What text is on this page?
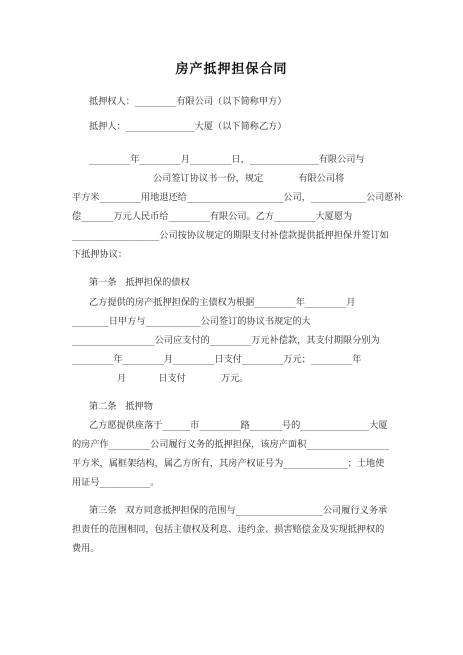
房产抵押担保合同
抵押权人：_________有限公司（以下简称甲方）
抵押人：_______________大厦（以下简称乙方）
_________年_________月_________日，_______________有限公司与
公司签订协议书一份，规定            有限公司将
平方米_________用地退还给_____________________公司，____________公司愿补
偿_______万元人民币给_________有限公司。乙方_________大厦愿为
___________________公司按协议规定的期限支付补偿款提供抵押担保并签订如
下抵押协议：
第一条   抵押担保的债权
乙方提供的房产抵押担保的主债权为根据_________年_________月
________日甲方与____________公司签订的协议书规定的大
__________________公司应支付的_________万元补偿款，其支付期限分别为
_________年_________月_________日支付_________万元；_________年
月           日支付            万元。
第二条   抵押物
乙方愿提供座落于______市_________路_______号的_______________大厦
的房产作_________公司履行义务的抵押担保，该房产面积__________________
平方米，属框架结构，属乙方所有，其房产权证号为______________；土地使
用证号___________。
第三条   双方同意抵押担保的范围与___________________公司履行义务承
担责任的范围相同，包括主债权及利息、违约金、损害赔偿金及实现抵押权的
费用。
